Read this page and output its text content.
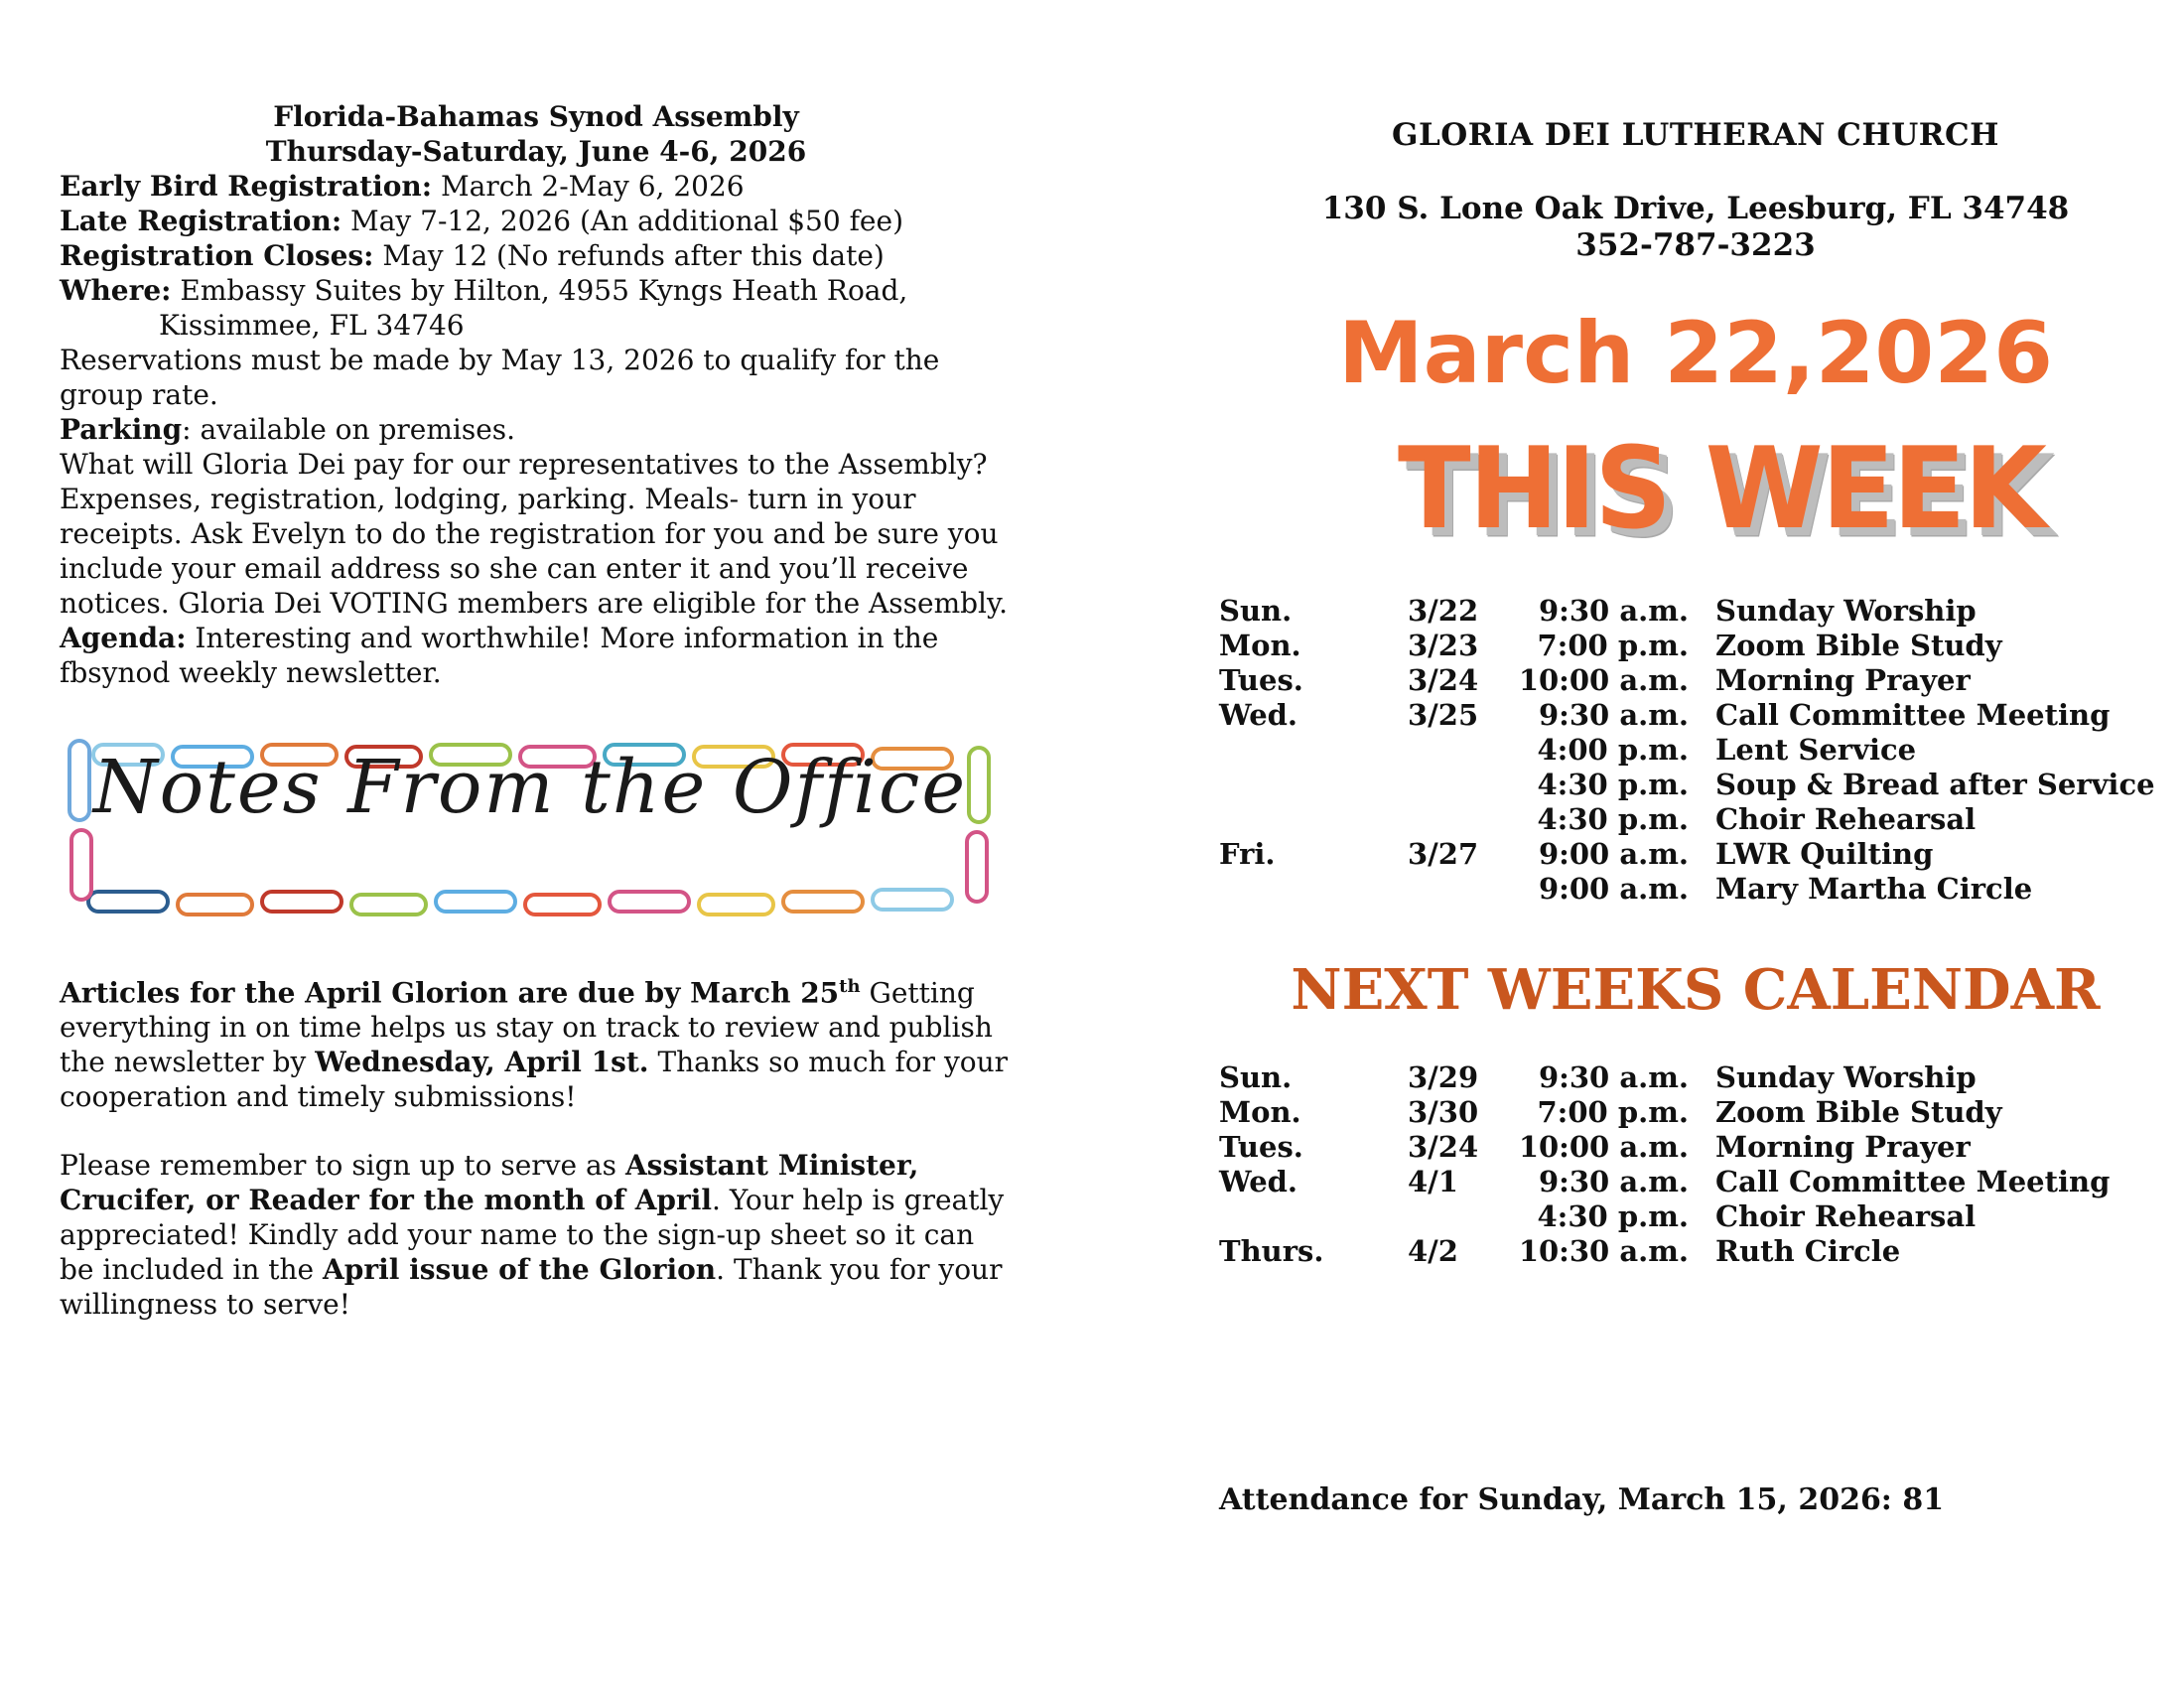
Florida-Bahamas Synod Assembly

Thursday-Saturday, June 4-6, 2026

Early Bird Registration: March 2-May 6, 2026

Late Registration: May 7-12, 2026 (An additional $50 fee)

Registration Closes: May 12 (No refunds after this date)

Where: Embassy Suites by Hilton, 4955 Kyngs Heath Road,

Kissimmee, FL 34746

Reservations must be made by May 13, 2026 to qualify for the group rate.

Parking: available on premises.

What will Gloria Dei pay for our representatives to the Assembly? Expenses, registration, lodging, parking. Meals- turn in your receipts. Ask Evelyn to do the registration for you and be sure you include your email address so she can enter it and you’ll receive notices. Gloria Dei VOTING members are eligible for the Assembly.

Agenda: Interesting and worthwhile! More information in the fbsynod weekly newsletter.

Notes From the Office

Articles for the April Glorion are due by March 25th Getting everything in on time helps us stay on track to review and publish the newsletter by Wednesday, April 1st. Thanks so much for your cooperation and timely submissions!

Please remember to sign up to serve as Assistant Minister, Crucifer, or Reader for the month of April. Your help is greatly appreciated! Kindly add your name to the sign-up sheet so it can be included in the April issue of the Glorion. Thank you for your willingness to serve!

GLORIA DEI LUTHERAN CHURCH
130 S. Lone Oak Drive, Leesburg, FL 34748
352-787-3223
March 22,2026
THIS WEEK
Sun.	3/22	9:30 a.m. Sunday Worship
Mon.	3/23	7:00 p.m. Zoom Bible Study
Tues.	3/24	10:00 a.m. Morning Prayer
Wed.	3/25	9:30 a.m. Call Committee Meeting
4:00 p.m. Lent Service
4:30 p.m. Soup & Bread after Service
4:30 p.m. Choir Rehearsal
Fri.	3/27	9:00 a.m. LWR Quilting
9:00 a.m. Mary Martha Circle
NEXT WEEKS CALENDAR
Sun.	3/29	9:30 a.m. Sunday Worship
Mon.	3/30	7:00 p.m. Zoom Bible Study
Tues.	3/24	10:00 a.m. Morning Prayer
Wed.	4/1	9:30 a.m. Call Committee Meeting
4:30 p.m. Choir Rehearsal
Thurs.	4/2	10:30 a.m. Ruth Circle
Attendance for Sunday, March 15, 2026: 81
